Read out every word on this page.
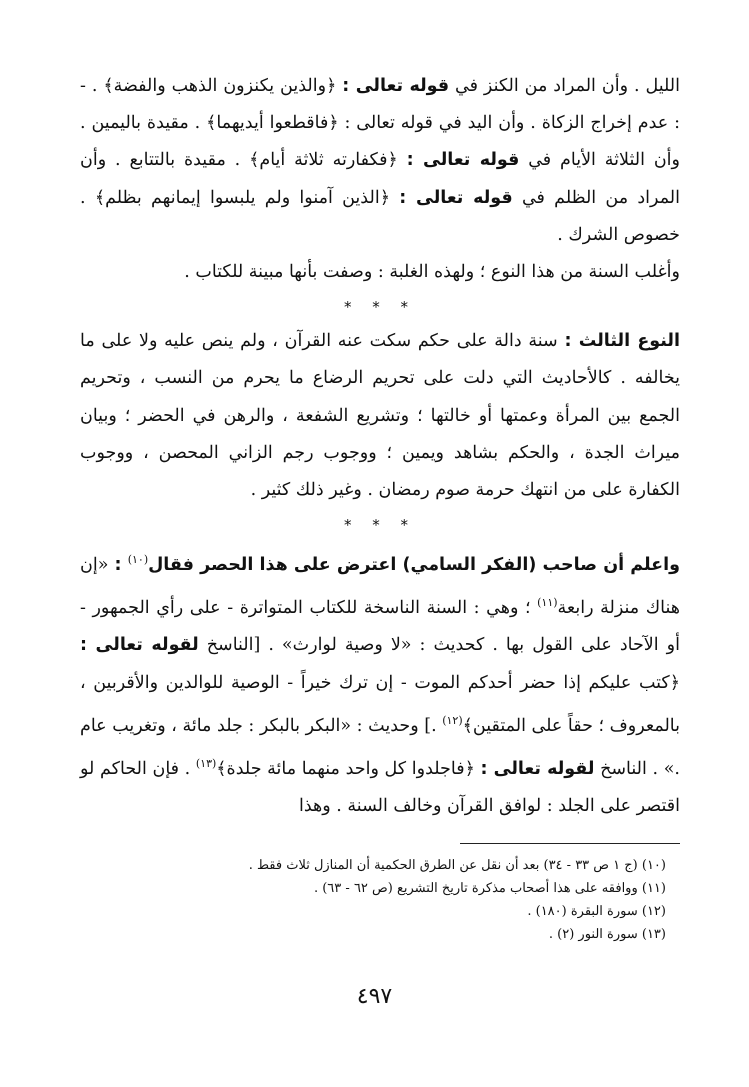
الليل . وأن المراد من الكنز في قوله تعالى : ﴿والذين يكنزون الذهب والفضة﴾ . - : عدم إخراج الزكاة . وأن اليد في قوله تعالى : ﴿فاقطعوا أيديهما﴾ . مقيدة باليمين . وأن الثلاثة الأيام في قوله تعالى : ﴿فكفارته ثلاثة أيام﴾ . مقيدة بالتتابع . وأن المراد من الظلم في قوله تعالى : ﴿الذين آمنوا ولم يلبسوا إيمانهم بظلم﴾ . خصوص الشرك .

وأغلب السنة من هذا النوع ؛ ولهذه الغلبة : وصفت بأنها مبينة للكتاب .

* * *

النوع الثالث : سنة دالة على حكم سكت عنه القرآن ، ولم ينص عليه ولا على ما يخالفه . كالأحاديث التي دلت على تحريم الرضاع ما يحرم من النسب ، وتحريم الجمع بين المرأة وعمتها أو خالتها ؛ وتشريع الشفعة ، والرهن في الحضر ؛ وبيان ميراث الجدة ، والحكم بشاهد ويمين ؛ ووجوب رجم الزاني المحصن ، ووجوب الكفارة على من انتهك حرمة صوم رمضان . وغير ذلك كثير .

* * *

واعلم أن صاحب (الفكر السامي) اعترض على هذا الحصر فقال$^{(١٠)}$ : «إن هناك منزلة رابعة$^{(١١)}$ ؛ وهي : السنة الناسخة للكتاب المتواترة - على رأي الجمهور - أو الآحاد على القول بها . كحديث : «لا وصية لوارث» . [الناسخ لقوله تعالى : ﴿كتب عليكم إذا حضر أحدكم الموت - إن ترك خيراً - الوصية للوالدين والأقربين ، بالمعروف ؛ حقاً على المتقين﴾$^{(١٢)}$ .] وحديث : «البكر بالبكر : جلد مائة ، وتغريب عام .» . الناسخ لقوله تعالى : ﴿فاجلدوا كل واحد منهما مائة جلدة﴾$^{(١٣)}$ . فإن الحاكم لو اقتصر على الجلد : لوافق القرآن وخالف السنة . وهذا

(١٠) (ج ١ ص ٣٣ - ٣٤) بعد أن نقل عن الطرق الحكمية أن المنازل ثلاث فقط .
(١١) ووافقه على هذا أصحاب مذكرة تاريخ التشريع (ص ٦٢ - ٦٣) .
(١٢) سورة البقرة (١٨٠) .
(١٣) سورة النور (٢) .
٤٩٧
